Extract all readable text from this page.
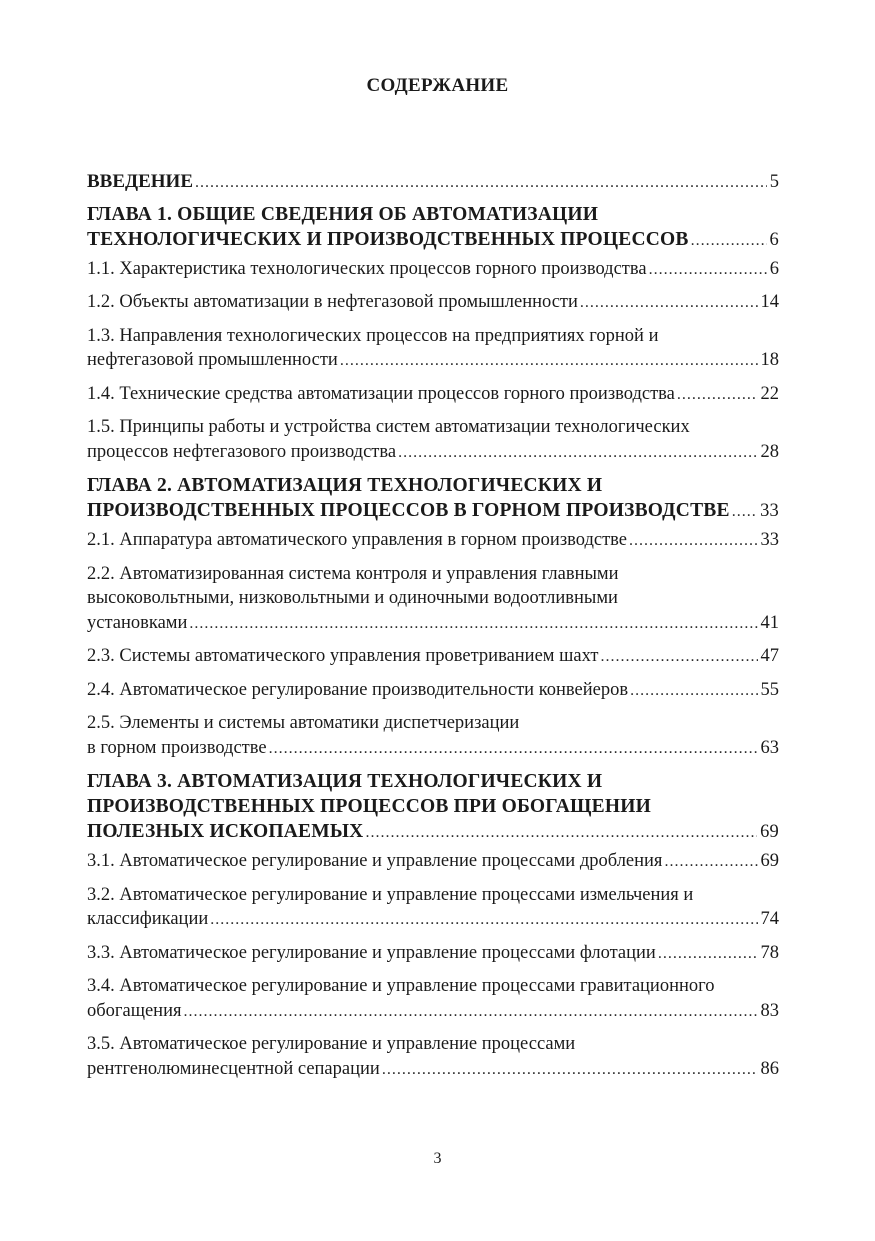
СОДЕРЖАНИЕ
ВВЕДЕНИЕ .....	5
ГЛАВА 1. ОБЩИЕ СВЕДЕНИЯ ОБ АВТОМАТИЗАЦИИ
ТЕХНОЛОГИЧЕСКИХ И ПРОИЗВОДСТВЕННЫХ ПРОЦЕССОВ .....	6
1.1. Характеристика технологических процессов горного производства .....	6
1.2. Объекты автоматизации в нефтегазовой промышленности .....	14
1.3. Направления технологических процессов на предприятиях горной и
нефтегазовой промышленности .....	18
1.4. Технические средства автоматизации процессов горного производства .....	22
1.5. Принципы работы и устройства систем автоматизации технологических
процессов нефтегазового производства .....	28
ГЛАВА 2. АВТОМАТИЗАЦИЯ ТЕХНОЛОГИЧЕСКИХ И
ПРОИЗВОДСТВЕННЫХ ПРОЦЕССОВ В ГОРНОМ ПРОИЗВОДСТВЕ ..... 33
2.1. Аппаратура автоматического управления в горном производстве .....	33
2.2. Автоматизированная система контроля и управления главными
высоковольтными, низковольтными и одиночными водоотливными
установками .....	41
2.3. Системы автоматического управления проветриванием шахт .....	47
2.4. Автоматическое регулирование производительности конвейеров .....	55
2.5. Элементы и системы автоматики диспетчеризации
в горном производстве .....	63
ГЛАВА 3. АВТОМАТИЗАЦИЯ ТЕХНОЛОГИЧЕСКИХ И
ПРОИЗВОДСТВЕННЫХ ПРОЦЕССОВ ПРИ ОБОГАЩЕНИИ
ПОЛЕЗНЫХ ИСКОПАЕМЫХ .....	69
3.1. Автоматическое регулирование и управление процессами дробления .....	69
3.2. Автоматическое регулирование и управление процессами измельчения и
классификации .....	74
3.3. Автоматическое регулирование и управление процессами флотации .....	78
3.4. Автоматическое регулирование и управление процессами гравитационного
обогащения .....	83
3.5. Автоматическое регулирование и управление процессами
рентгенолюминесцентной сепарации .....	86
3
